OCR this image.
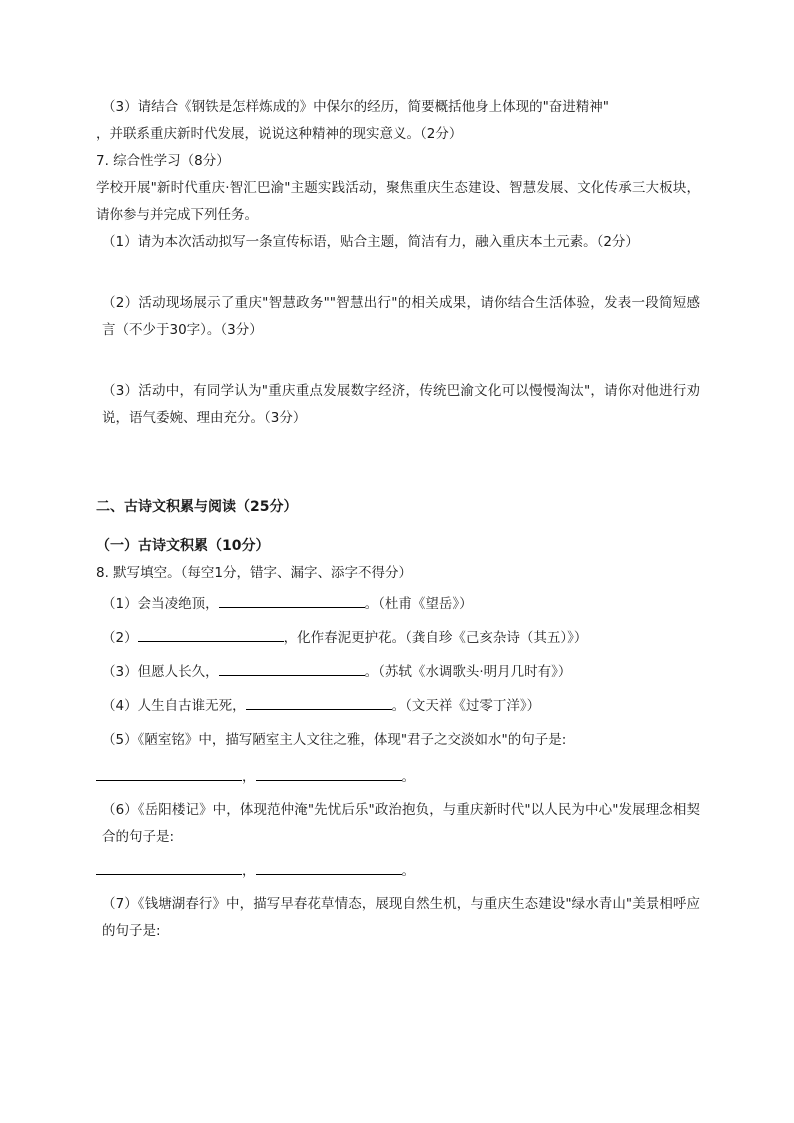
（3）请结合《钢铁是怎样炼成的》中保尔的经历，简要概括他身上体现的"奋进精神"

，并联系重庆新时代发展，说说这种精神的现实意义。（2分）

7. 综合性学习（8分）

学校开展"新时代重庆·智汇巴渝"主题实践活动，聚焦重庆生态建设、智慧发展、文化传承三大板块，请你参与并完成下列任务。

（1）请为本次活动拟写一条宣传标语，贴合主题，简洁有力，融入重庆本土元素。（2分）

（2）活动现场展示了重庆"智慧政务""智慧出行"的相关成果，请你结合生活体验，发表一段简短感言（不少于30字）。（3分）

（3）活动中，有同学认为"重庆重点发展数字经济，传统巴渝文化可以慢慢淘汰"，请你对他进行劝说，语气委婉、理由充分。（3分）

二、古诗文积累与阅读（25分）

（一）古诗文积累（10分）

8. 默写填空。（每空1分，错字、漏字、添字不得分）

（1）会当凌绝顶，	。（杜甫《望岳》）

（2）	，化作春泥更护花。（龚自珍《己亥杂诗（其五）》）

（3）但愿人长久，	。（苏轼《水调歌头·明月几时有》）

（4）人生自古谁无死，	。（文天祥《过零丁洋》）

（5）《陋室铭》中，描写陋室主人文往之雅，体现"君子之交淡如水"的句子是:

，	。

（6）《岳阳楼记》中，体现范仲淹"先忧后乐"政治抱负，与重庆新时代"以人民为中心"发展理念相契合的句子是:

，	。

（7）《钱塘湖春行》中，描写早春花草情态，展现自然生机，与重庆生态建设"绿水青山"美景相呼应的句子是:
